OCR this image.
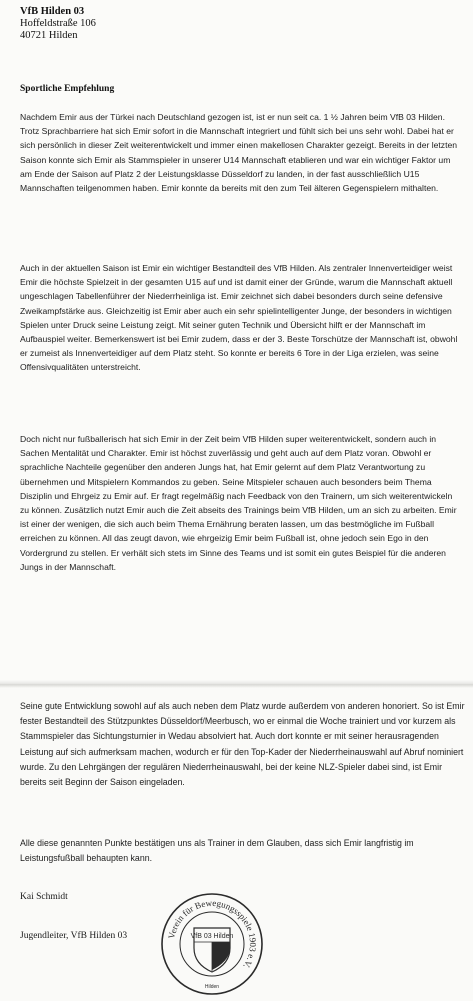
VfB Hilden 03
Hoffeldstraße 106
40721 Hilden
Sportliche Empfehlung

Nachdem Emir aus der Türkei nach Deutschland gezogen ist, ist er nun seit ca. 1 ½ Jahren beim VfB 03 Hilden. Trotz Sprachbarriere hat sich Emir sofort in die Mannschaft integriert und fühlt sich bei uns sehr wohl. Dabei hat er sich persönlich in dieser Zeit weiterentwickelt und immer einen makellosen Charakter gezeigt. Bereits in der letzten Saison konnte sich Emir als Stammspieler in unserer U14 Mannschaft etablieren und war ein wichtiger Faktor um am Ende der Saison auf Platz 2 der Leistungsklasse Düsseldorf zu landen, in der fast ausschließlich U15 Mannschaften teilgenommen haben. Emir konnte da bereits mit den zum Teil älteren Gegenspielern mithalten.

Auch in der aktuellen Saison ist Emir ein wichtiger Bestandteil des VfB Hilden. Als zentraler Innenverteidiger weist Emir die höchste Spielzeit in der gesamten U15 auf und ist damit einer der Gründe, warum die Mannschaft aktuell ungeschlagen Tabellenführer der Niederrheinliga ist. Emir zeichnet sich dabei besonders durch seine defensive Zweikampfstärke aus. Gleichzeitig ist Emir aber auch ein sehr spielintelligenter Junge, der besonders in wichtigen Spielen unter Druck seine Leistung zeigt. Mit seiner guten Technik und Übersicht hilft er der Mannschaft im Aufbauspiel weiter. Bemerkenswert ist bei Emir zudem, dass er der 3. Beste Torschütze der Mannschaft ist, obwohl er zumeist als Innenverteidiger auf dem Platz steht. So konnte er bereits 6 Tore in der Liga erzielen, was seine Offensivqualitäten unterstreicht.

Doch nicht nur fußballerisch hat sich Emir in der Zeit beim VfB Hilden super weiterentwickelt, sondern auch in Sachen Mentalität und Charakter. Emir ist höchst zuverlässig und geht auch auf dem Platz voran. Obwohl er sprachliche Nachteile gegenüber den anderen Jungs hat, hat Emir gelernt auf dem Platz Verantwortung zu übernehmen und Mitspielern Kommandos zu geben. Seine Mitspieler schauen auch besonders beim Thema Disziplin und Ehrgeiz zu Emir auf. Er fragt regelmäßig nach Feedback von den Trainern, um sich weiterentwickeln zu können. Zusätzlich nutzt Emir auch die Zeit abseits des Trainings beim VfB Hilden, um an sich zu arbeiten. Emir ist einer der wenigen, die sich auch beim Thema Ernährung beraten lassen, um das bestmögliche im Fußball erreichen zu können. All das zeugt davon, wie ehrgeizig Emir beim Fußball ist, ohne jedoch sein Ego in den Vordergrund zu stellen. Er verhält sich stets im Sinne des Teams und ist somit ein gutes Beispiel für die anderen Jungs in der Mannschaft.

Seine gute Entwicklung sowohl auf als auch neben dem Platz wurde außerdem von anderen honoriert. So ist Emir fester Bestandteil des Stützpunktes Düsseldorf/Meerbusch, wo er einmal die Woche trainiert und vor kurzem als Stammspieler das Sichtungsturnier in Wedau absolviert hat. Auch dort konnte er mit seiner herausragenden Leistung auf sich aufmerksam machen, wodurch er für den Top-Kader der Niederrheinauswahl auf Abruf nominiert wurde. Zu den Lehrgängen der regulären Niederrheinauswahl, bei der keine NLZ-Spieler dabei sind, ist Emir bereits seit Beginn der Saison eingeladen.

Alle diese genannten Punkte bestätigen uns als Trainer in dem Glauben, dass sich Emir langfristig im Leistungsfußball behaupten kann.

Kai Schmidt
Jugendleiter, VfB Hilden 03	Verein für Bewegungsspiele 1903 e.V.
VfB 03 Hilden
Hilden
